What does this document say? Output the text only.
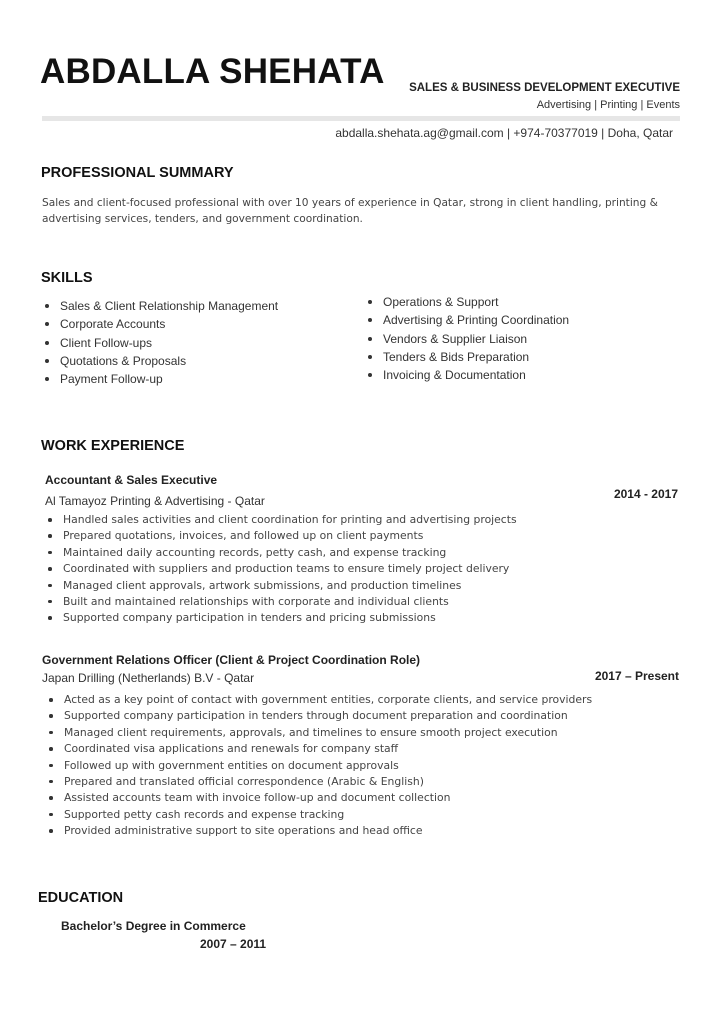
ABDALLA SHEHATA SALES & BUSINESS DEVELOPMENT EXECUTIVE
Advertising | Printing | Events
abdalla.shehata.ag@gmail.com | +974-70377019 | Doha, Qatar
PROFESSIONAL SUMMARY
Sales and client-focused professional with over 10 years of experience in Qatar, strong in client handling, printing & advertising services, tenders, and government coordination.
SKILLS
Sales & Client Relationship Management
Corporate Accounts
Client Follow-ups
Quotations & Proposals
Payment Follow-up
Operations & Support
Advertising & Printing Coordination
Vendors & Supplier Liaison
Tenders & Bids Preparation
Invoicing & Documentation
WORK EXPERIENCE
Accountant & Sales Executive
Al Tamayoz Printing & Advertising - Qatar	2014 - 2017
Handled sales activities and client coordination for printing and advertising projects
Prepared quotations, invoices, and followed up on client payments
Maintained daily accounting records, petty cash, and expense tracking
Coordinated with suppliers and production teams to ensure timely project delivery
Managed client approvals, artwork submissions, and production timelines
Built and maintained relationships with corporate and individual clients
Supported company participation in tenders and pricing submissions
Government Relations Officer (Client & Project Coordination Role)
Japan Drilling (Netherlands) B.V - Qatar	2017 – Present
Acted as a key point of contact with government entities, corporate clients, and service providers
Supported company participation in tenders through document preparation and coordination
Managed client requirements, approvals, and timelines to ensure smooth project execution
Coordinated visa applications and renewals for company staff
Followed up with government entities on document approvals
Prepared and translated official correspondence (Arabic & English)
Assisted accounts team with invoice follow-up and document collection
Supported petty cash records and expense tracking
Provided administrative support to site operations and head office
EDUCATION
Bachelor’s Degree in Commerce
2007 – 2011
